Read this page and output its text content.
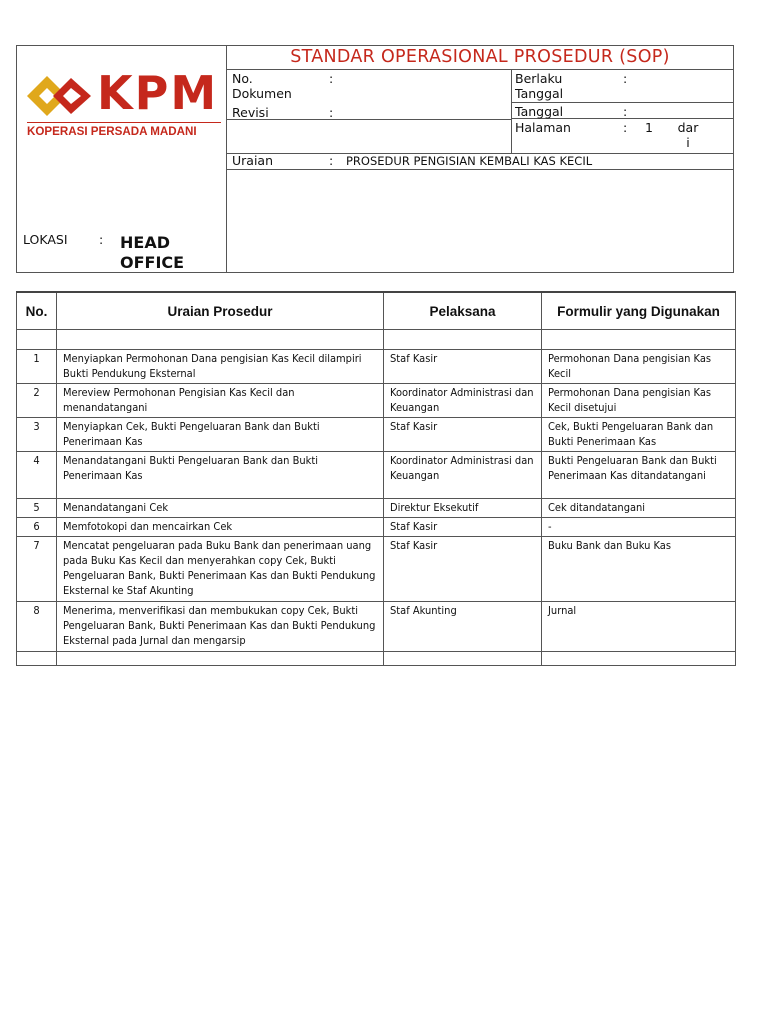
KPM
KOPERASI PERSADA MADANI
LOKASI	: HEAD OFFICE
STANDAR OPERASIONAL PROSEDUR (SOP)
No. Dokumen
:
Revisi	:
Berlaku Tanggal
:
Tanggal	:
Halaman	: 1 dar i
Uraian	: PROSEDUR PENGISIAN KEMBALI KAS KECIL
No.	Uraian Prosedur	Pelaksana	Formulir yang Digunakan

1	Menyiapkan Permohonan Dana pengisian Kas Kecil dilampiri Bukti Pendukung Eksternal	Staf Kasir	Permohonan Dana pengisian Kas Kecil
2	Mereview Permohonan Pengisian Kas Kecil dan menandatangani	Koordinator Administrasi dan Keuangan	Permohonan Dana pengisian Kas Kecil disetujui
3	Menyiapkan Cek, Bukti Pengeluaran Bank dan Bukti Penerimaan Kas	Staf Kasir	Cek, Bukti Pengeluaran Bank dan Bukti Penerimaan Kas
4	Menandatangani Bukti Pengeluaran Bank dan Bukti Penerimaan Kas	Koordinator Administrasi dan Keuangan	Bukti Pengeluaran Bank dan Bukti Penerimaan Kas ditandatangani
5	Menandatangani Cek	Direktur Eksekutif	Cek ditandatangani
6	Memfotokopi dan mencairkan Cek	Staf Kasir	-
7	Mencatat pengeluaran pada Buku Bank dan penerimaan uang pada Buku Kas Kecil dan menyerahkan copy Cek, Bukti Pengeluaran Bank, Bukti Penerimaan Kas dan Bukti Pendukung Eksternal ke Staf Akunting	Staf Kasir	Buku Bank dan Buku Kas
8	Menerima, menverifikasi dan membukukan copy Cek, Bukti Pengeluaran Bank, Bukti Penerimaan Kas dan Bukti Pendukung Eksternal pada Jurnal dan mengarsip	Staf Akunting	Jurnal
